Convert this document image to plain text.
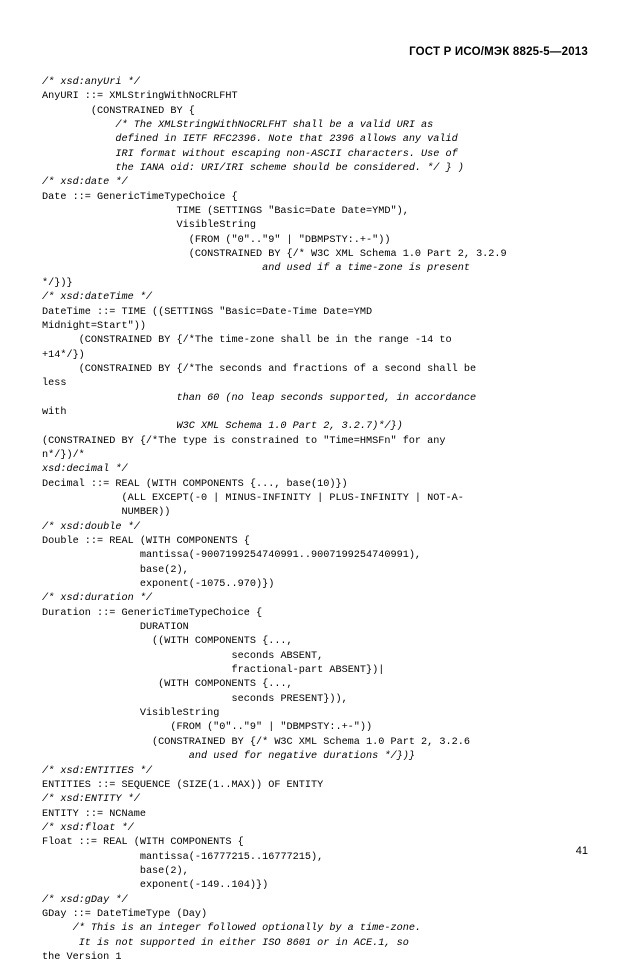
ГОСТ Р ИСО/МЭК 8825-5—2013
/* xsd:anyUri */
AnyURI ::= XMLStringWithNoCRLFHT
(CONSTRAINED BY {
/* The XMLStringWithNoCRLFHT shall be a valid URI as
defined in IETF RFC2396. Note that 2396 allows any valid
IRI format without escaping non-ASCII characters. Use of
the IANA oid: URI/IRI scheme should be considered. */ } )
/* xsd:date */
Date ::= GenericTimeTypeChoice {
TIME (SETTINGS "Basic=Date Date=YMD"),
VisibleString
(FROM ("0".."9" | "DBMPSTY:.+-"))
(CONSTRAINED BY {/* W3C XML Schema 1.0 Part 2, 3.2.9
and used if a time-zone is present
*/})}
/* xsd:dateTime */
DateTime ::= TIME ((SETTINGS "Basic=Date-Time Date=YMD
Midnight=Start"))
(CONSTRAINED BY {/*The time-zone shall be in the range -14 to
+14*/})
(CONSTRAINED BY {/*The seconds and fractions of a second shall be
less
than 60 (no leap seconds supported, in accordance
with
W3C XML Schema 1.0 Part 2, 3.2.7)*/})
(CONSTRAINED BY {/*The type is constrained to "Time=HMSFn" for any
n*/})/*
xsd:decimal */
Decimal ::= REAL (WITH COMPONENTS {..., base(10)})
(ALL EXCEPT(-0 | MINUS-INFINITY | PLUS-INFINITY | NOT-A-
NUMBER))
/* xsd:double */
Double ::= REAL (WITH COMPONENTS {
mantissa(-9007199254740991..9007199254740991),
base(2),
exponent(-1075..970)})
/* xsd:duration */
Duration ::= GenericTimeTypeChoice {
DURATION
((WITH COMPONENTS {...,
seconds ABSENT,
fractional-part ABSENT})|
(WITH COMPONENTS {...,
seconds PRESENT})),
VisibleString
(FROM ("0".."9" | "DBMPSTY:.+-"))
(CONSTRAINED BY {/* W3C XML Schema 1.0 Part 2, 3.2.6
and used for negative durations */})}
/* xsd:ENTITIES */
ENTITIES ::= SEQUENCE (SIZE(1..MAX)) OF ENTITY
/* xsd:ENTITY */
ENTITY ::= NCName
/* xsd:float */
Float ::= REAL (WITH COMPONENTS {
mantissa(-16777215..16777215),
base(2),
exponent(-149..104)})
/* xsd:gDay */
GDay ::= DateTimeType (Day)
/* This is an integer followed optionally by a time-zone.
It is not supported in either ISO 8601 or in ACE.1, so
the Version 1
41
